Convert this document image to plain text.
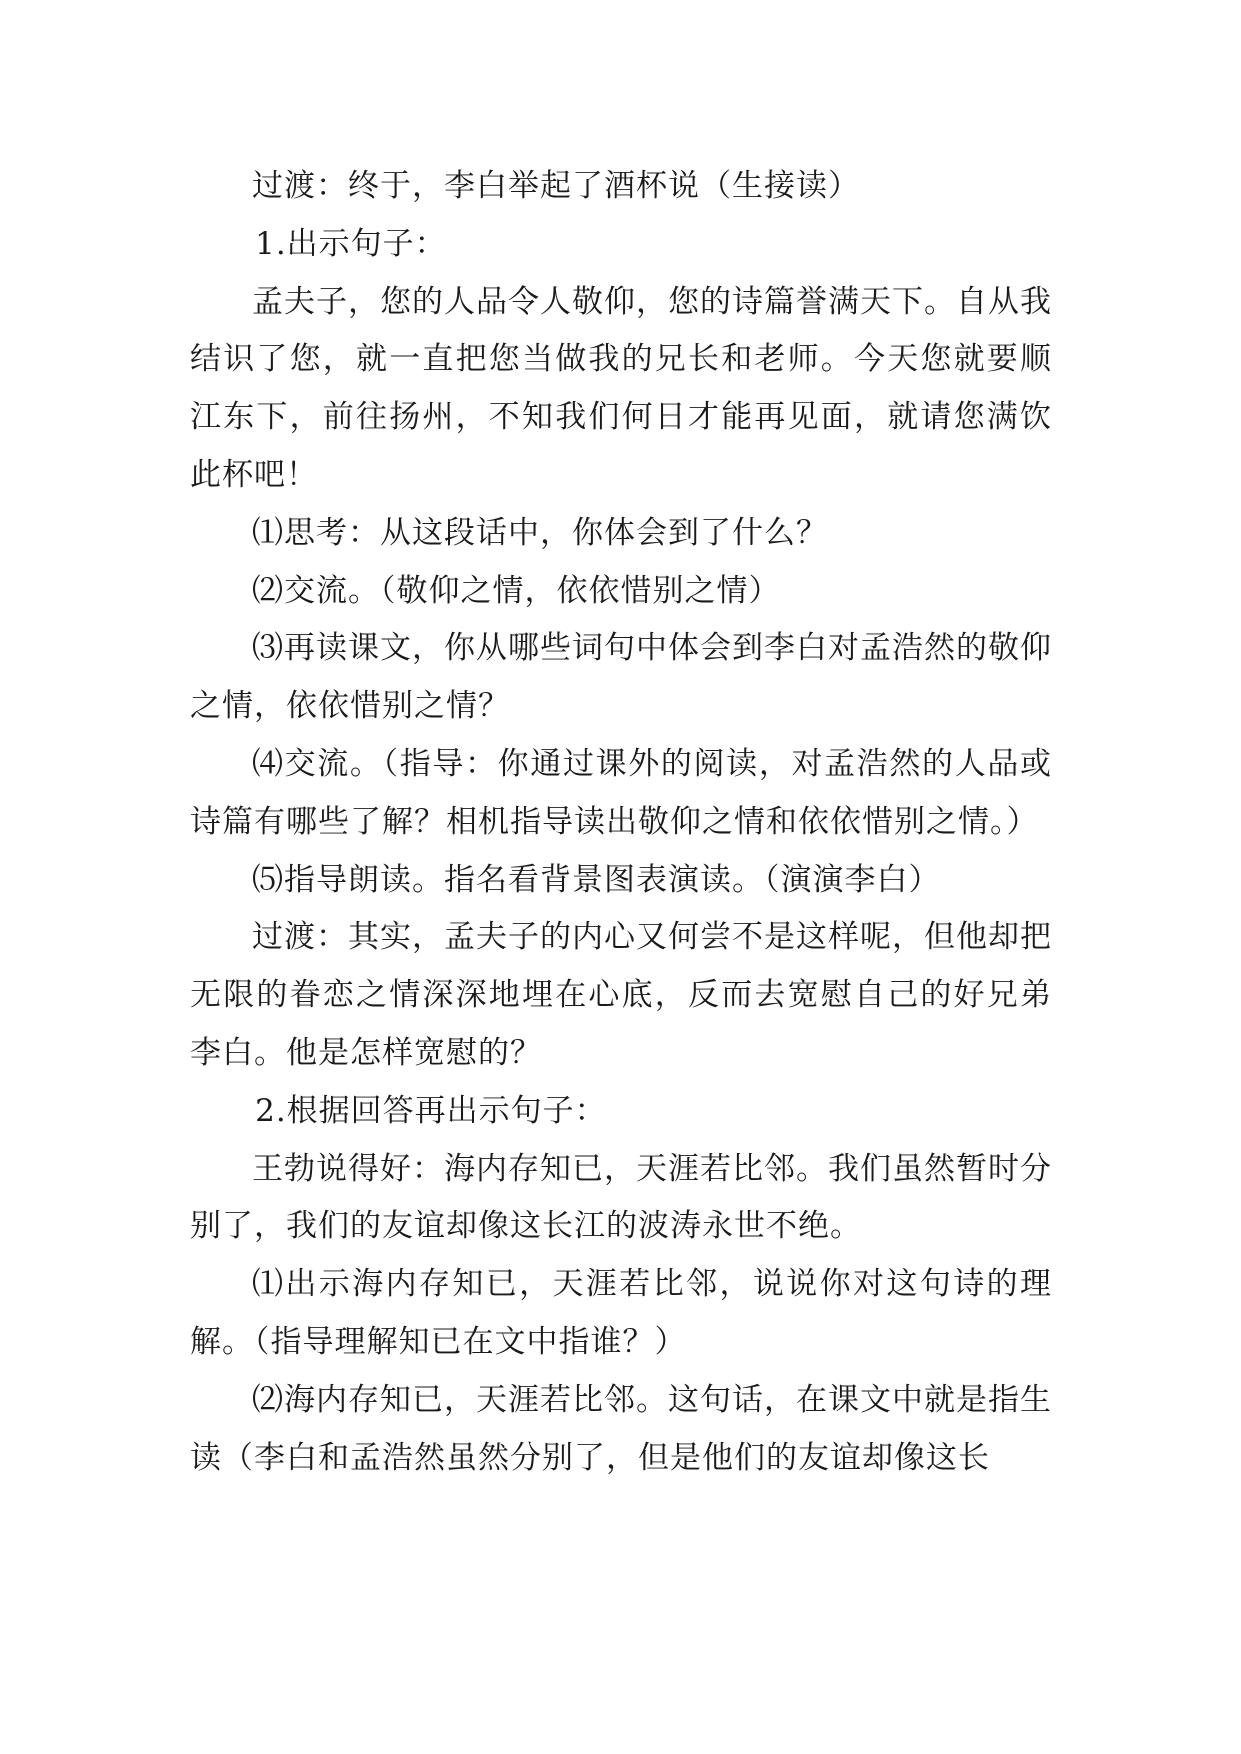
过渡：终于，李白举起了酒杯说（生接读）

1.出示句子：

孟夫子，您的人品令人敬仰，您的诗篇誉满天下。自从我结识了您，就一直把您当做我的兄长和老师。今天您就要顺江东下，前往扬州，不知我们何日才能再见面，就请您满饮此杯吧！

⑴思考：从这段话中，你体会到了什么？

⑵交流。（敬仰之情，依依惜别之情）

⑶再读课文，你从哪些词句中体会到李白对孟浩然的敬仰之情，依依惜别之情？

⑷交流。（指导：你通过课外的阅读，对孟浩然的人品或诗篇有哪些了解？相机指导读出敬仰之情和依依惜别之情。）

⑸指导朗读。指名看背景图表演读。（演演李白）

过渡：其实，孟夫子的内心又何尝不是这样呢，但他却把无限的眷恋之情深深地埋在心底，反而去宽慰自己的好兄弟李白。他是怎样宽慰的？

2.根据回答再出示句子：

王勃说得好：海内存知已，天涯若比邻。我们虽然暂时分别了，我们的友谊却像这长江的波涛永世不绝。

⑴出示海内存知已，天涯若比邻，说说你对这句诗的理解。（指导理解知已在文中指谁？）

⑵海内存知已，天涯若比邻。这句话，在课文中就是指生读（李白和孟浩然虽然分别了，但是他们的友谊却像这长
